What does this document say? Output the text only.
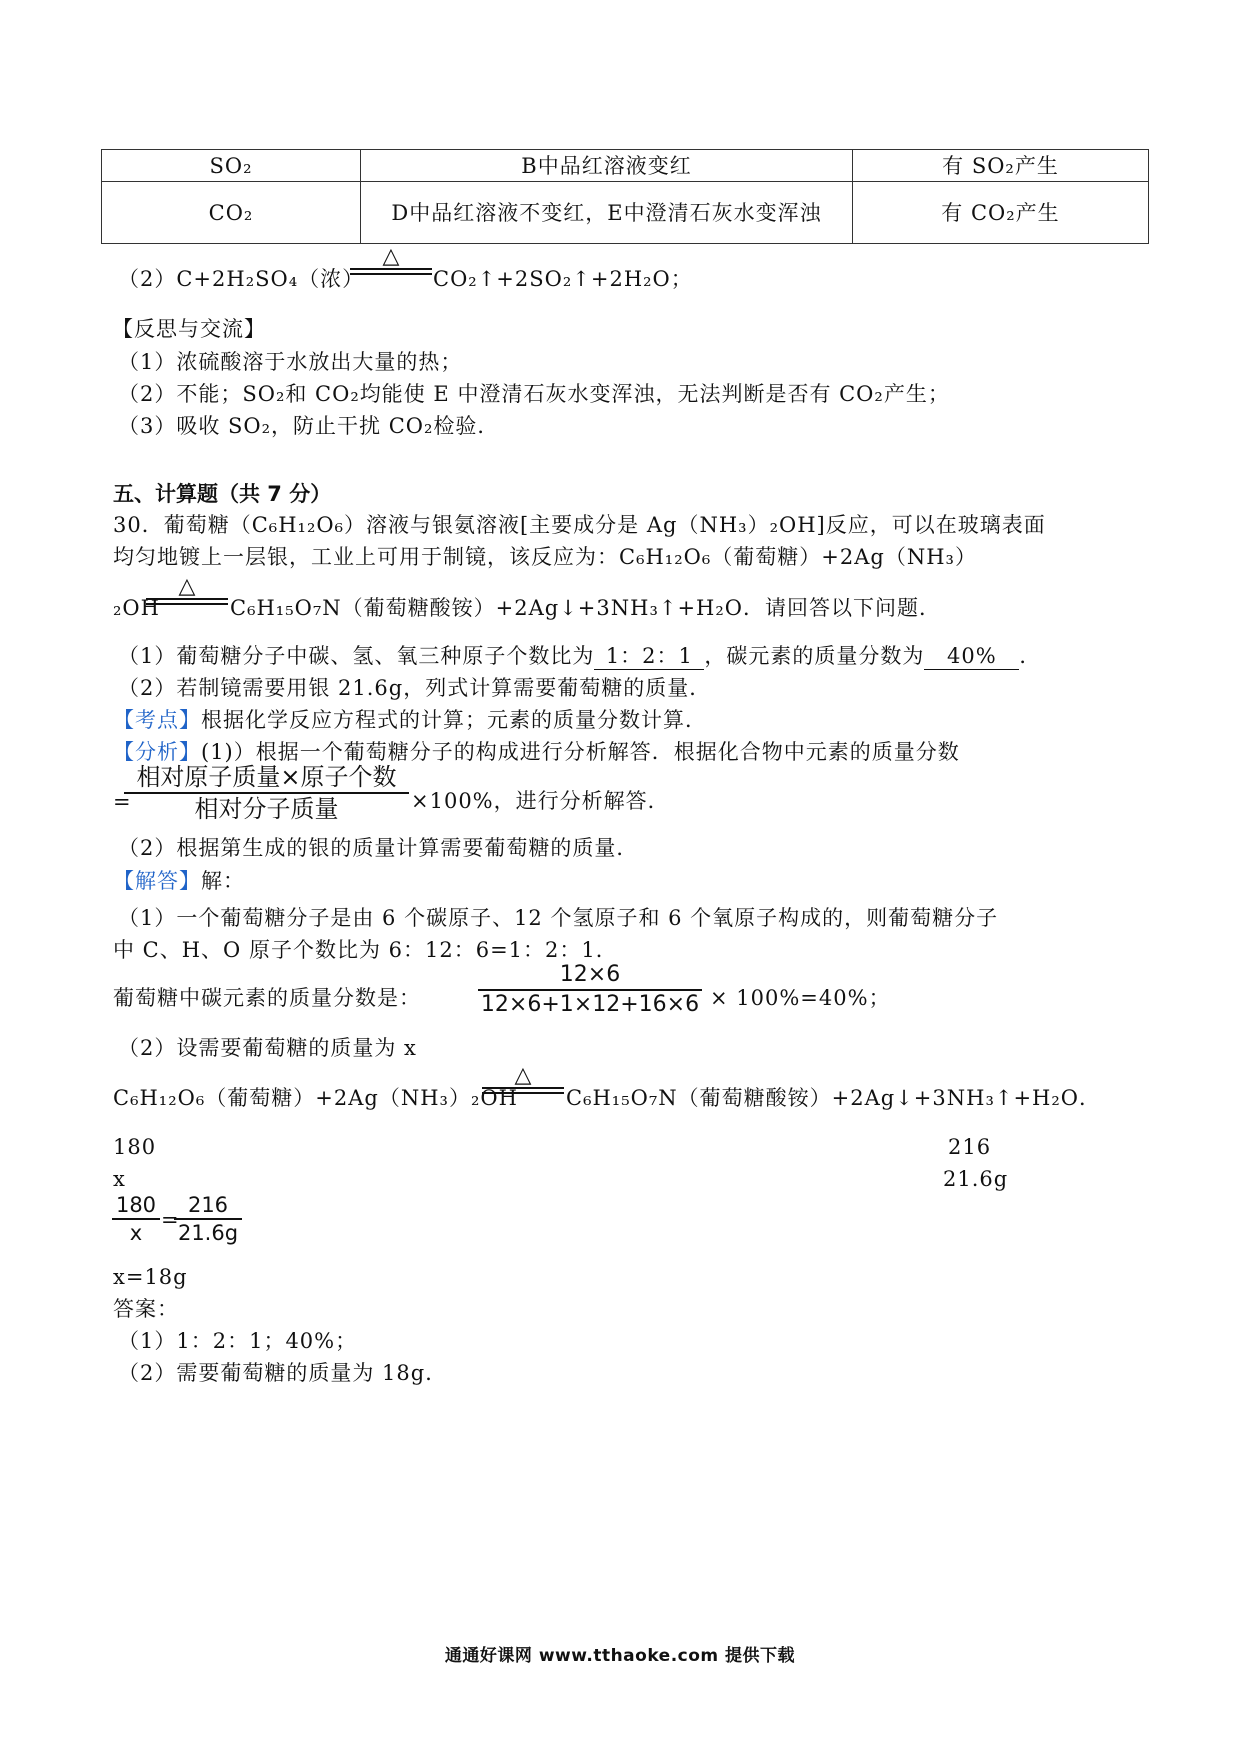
SO₂	B中品红溶液变红	有 SO₂产生
CO₂	D中品红溶液不变红，E中澄清石灰水变浑浊	有 CO₂产生
（2）C+2H₂SO₄（浓）
△
CO₂↑+2SO₂↑+2H₂O；
【反思与交流】
（1）浓硫酸溶于水放出大量的热；
（2）不能；SO₂和 CO₂均能使 E 中澄清石灰水变浑浊，无法判断是否有 CO₂产生；
（3）吸收 SO₂，防止干扰 CO₂检验．
五、计算题（共 7 分）
30．葡萄糖（C₆H₁₂O₆）溶液与银氨溶液[主要成分是 Ag（NH₃）₂OH]反应，可以在玻璃表面
均匀地镀上一层银，工业上可用于制镜，该反应为：C₆H₁₂O₆（葡萄糖）+2Ag（NH₃）
₂OH
△
C₆H₁₅O₇N（葡萄糖酸铵）+2Ag↓+3NH₃↑+H₂O．请回答以下问题．
（1）葡萄糖分子中碳、氢、氧三种原子个数比为 1：2：1 ，碳元素的质量分数为 40% ．
（2）若制镜需要用银 21.6g，列式计算需要葡萄糖的质量．
【考点】根据化学反应方程式的计算；元素的质量分数计算．
【分析】(1)）根据一个葡萄糖分子的构成进行分析解答．根据化合物中元素的质量分数
=
相对原子质量×原子个数
相对分子质量	×100%，进行分析解答．
（2）根据第生成的银的质量计算需要葡萄糖的质量．
【解答】解：
（1）一个葡萄糖分子是由 6 个碳原子、12 个氢原子和 6 个氧原子构成的，则葡萄糖分子
中 C、H、O 原子个数比为 6：12：6=1：2：1．
葡萄糖中碳元素的质量分数是：
12×6
12×6+1×12+16×6 × 100%=40%；
（2）设需要葡萄糖的质量为 x
C₆H₁₂O₆（葡萄糖）+2Ag（NH₃）₂OH
△
C₆H₁₅O₇N（葡萄糖酸铵）+2Ag↓+3NH₃↑+H₂O．
180	216
x	21.6g
180
x
=
216
21.6g
x=18g
答案：
（1）1：2：1；40%；
（2）需要葡萄糖的质量为 18g．
通通好课网 www.tthaoke.com 提供下载
